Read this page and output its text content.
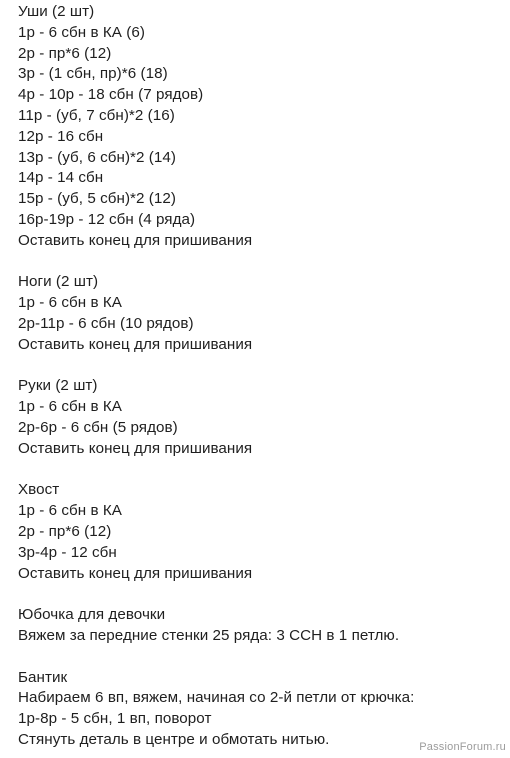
Уши (2 шт)
1р - 6 сбн в КА (6)
2р - пр*6 (12)
3р - (1 сбн, пр)*6 (18)
4р - 10р - 18 сбн (7 рядов)
11р - (уб, 7 сбн)*2 (16)
12р - 16 сбн
13р - (уб, 6 сбн)*2 (14)
14р - 14 сбн
15р - (уб, 5 сбн)*2 (12)
16р-19р - 12 сбн (4 ряда)
Оставить конец для пришивания
Ноги (2 шт)
1р - 6 сбн в КА
2р-11р - 6 сбн (10 рядов)
Оставить конец для пришивания
Руки (2 шт)
1р - 6 сбн в КА
2р-6р - 6 сбн (5 рядов)
Оставить конец для пришивания
Хвост
1р - 6 сбн в КА
2р - пр*6 (12)
3р-4р - 12 сбн
Оставить конец для пришивания
Юбочка для девочки
Вяжем за передние стенки 25 ряда: 3 ССН в 1 петлю.
Бантик
Набираем 6 вп, вяжем, начиная со 2-й петли от крючка:
1р-8р - 5 сбн, 1 вп, поворот
Стянуть деталь в центре и обмотать нитью.	PassionForum.ru
